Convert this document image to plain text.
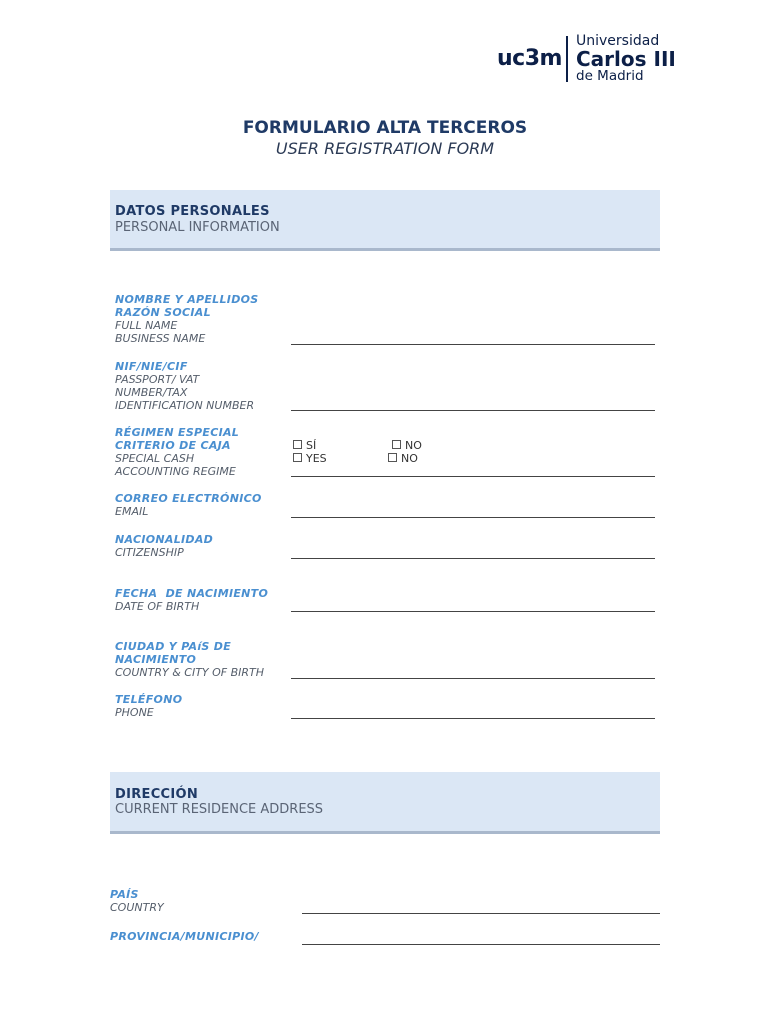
uc3m
Universidad
Carlos III
de Madrid
FORMULARIO ALTA TERCEROS
USER REGISTRATION FORM
DATOS PERSONALES
PERSONAL INFORMATION
NOMBRE Y APELLIDOS
RAZÓN SOCIAL
FULL NAME
BUSINESS NAME
NIF/NIE/CIF
PASSPORT/ VAT
NUMBER/TAX
IDENTIFICATION NUMBER
RÉGIMEN ESPECIAL
CRITERIO DE CAJA
SPECIAL CASH
ACCOUNTING REGIME
SÍ	NO
YES	NO
CORREO ELECTRÓNICO
EMAIL
NACIONALIDAD
CITIZENSHIP
FECHA  DE NACIMIENTO
DATE OF BIRTH
CIUDAD Y PAíS DE
NACIMIENTO
COUNTRY & CITY OF BIRTH
TELÉFONO
PHONE
DIRECCIÓN
CURRENT RESIDENCE ADDRESS
PAÍS
COUNTRY
PROVINCIA/MUNICIPIO/
